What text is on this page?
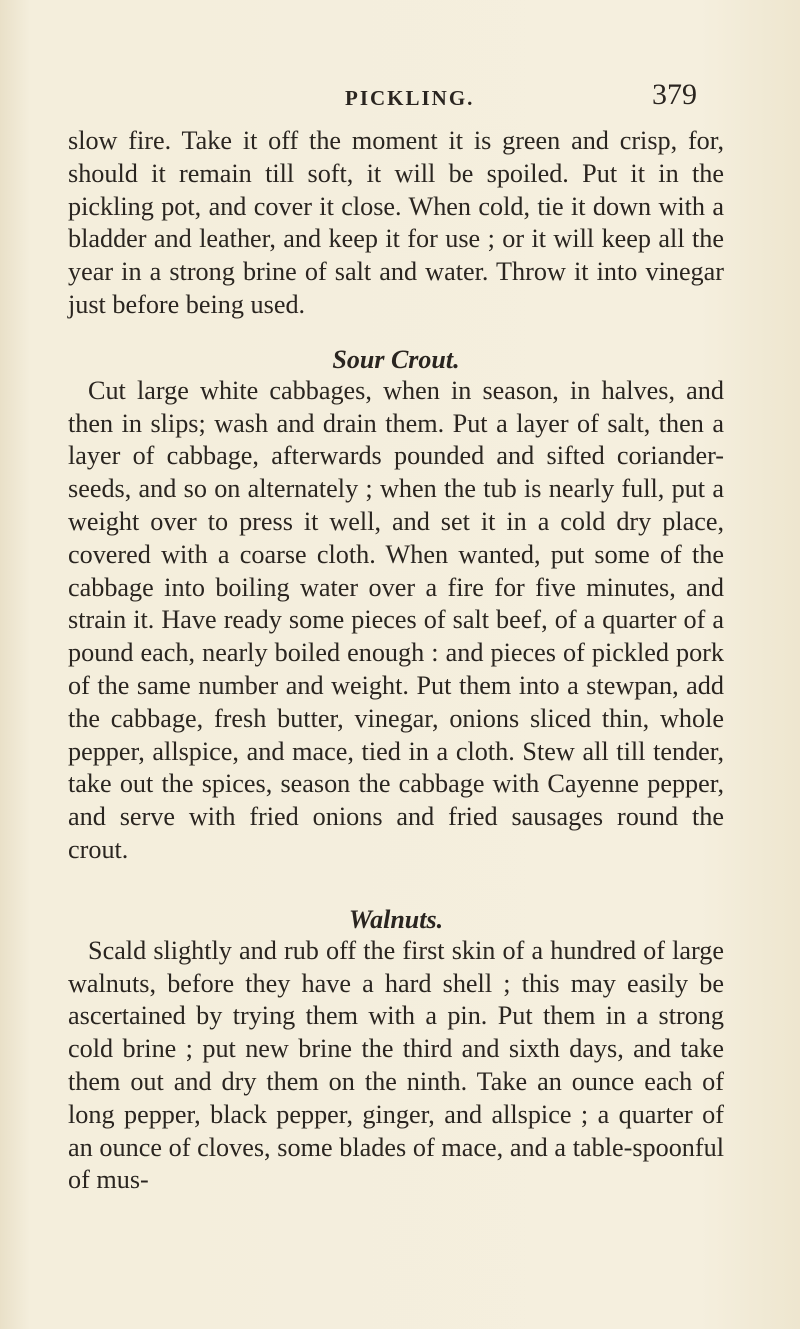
PICKLING.	379

slow fire. Take it off the moment it is green and crisp, for, should it remain till soft, it will be spoiled. Put it in the pickling pot, and cover it close. When cold, tie it down with a bladder and leather, and keep it for use ; or it will keep all the year in a strong brine of salt and water. Throw it into vinegar just before being used.

Sour Crout.

Cut large white cabbages, when in season, in halves, and then in slips; wash and drain them. Put a layer of salt, then a layer of cabbage, afterwards pounded and sifted coriander-seeds, and so on alternately ; when the tub is nearly full, put a weight over to press it well, and set it in a cold dry place, covered with a coarse cloth. When wanted, put some of the cabbage into boiling water over a fire for five minutes, and strain it. Have ready some pieces of salt beef, of a quarter of a pound each, nearly boiled enough : and pieces of pickled pork of the same number and weight. Put them into a stewpan, add the cabbage, fresh butter, vinegar, onions sliced thin, whole pepper, allspice, and mace, tied in a cloth. Stew all till tender, take out the spices, season the cabbage with Cayenne pepper, and serve with fried onions and fried sausages round the crout.

Walnuts.

Scald slightly and rub off the first skin of a hundred of large walnuts, before they have a hard shell ; this may easily be ascertained by trying them with a pin. Put them in a strong cold brine ; put new brine the third and sixth days, and take them out and dry them on the ninth. Take an ounce each of long pepper, black pepper, ginger, and allspice ; a quarter of an ounce of cloves, some blades of mace, and a table-spoonful of mus-
